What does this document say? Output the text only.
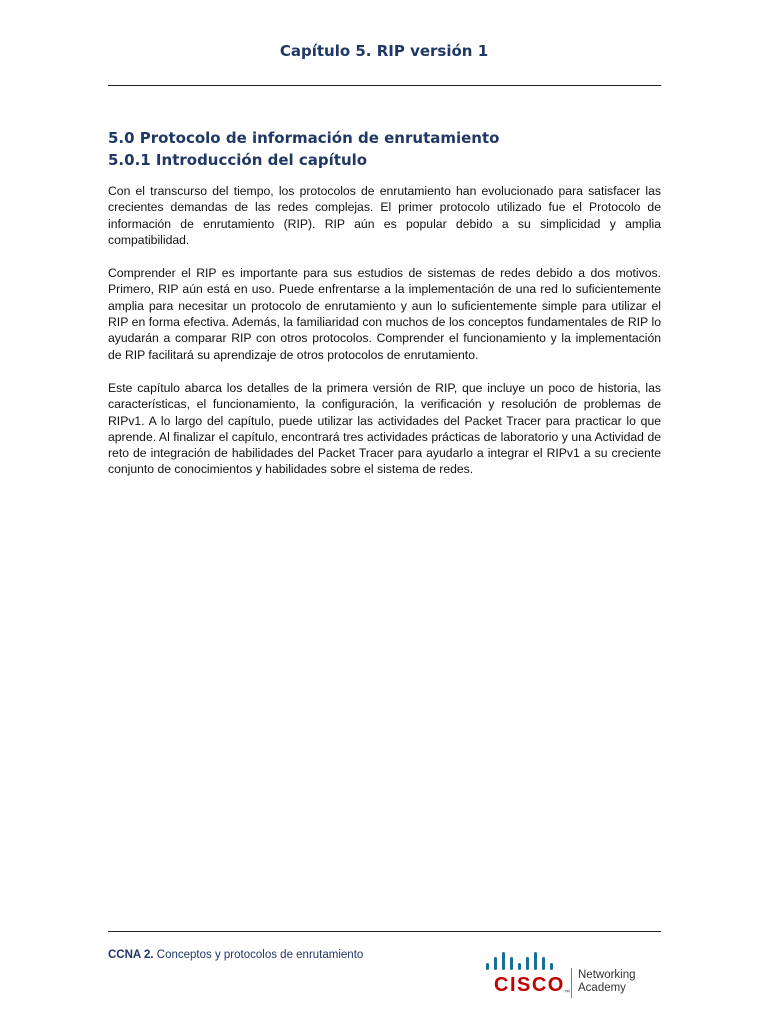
Capítulo 5. RIP versión 1
5.0 Protocolo de información de enrutamiento
5.0.1 Introducción del capítulo

Con el transcurso del tiempo, los protocolos de enrutamiento han evolucionado para satisfacer las crecientes demandas de las redes complejas. El primer protocolo utilizado fue el Protocolo de información de enrutamiento (RIP). RIP aún es popular debido a su simplicidad y amplia compatibilidad.

Comprender el RIP es importante para sus estudios de sistemas de redes debido a dos motivos. Primero, RIP aún está en uso. Puede enfrentarse a la implementación de una red lo suficientemente amplia para necesitar un protocolo de enrutamiento y aun lo suficientemente simple para utilizar el RIP en forma efectiva. Además, la familiaridad con muchos de los conceptos fundamentales de RIP lo ayudarán a comparar RIP con otros protocolos. Comprender el funcionamiento y la implementación de RIP facilitará su aprendizaje de otros protocolos de enrutamiento.

Este capítulo abarca los detalles de la primera versión de RIP, que incluye un poco de historia, las características, el funcionamiento, la configuración, la verificación y resolución de problemas de RIPv1. A lo largo del capítulo, puede utilizar las actividades del Packet Tracer para practicar lo que aprende. Al finalizar el capítulo, encontrará tres actividades prácticas de laboratorio y una Actividad de reto de integración de habilidades del Packet Tracer para ayudarlo a integrar el RIPv1 a su creciente conjunto de conocimientos y habilidades sobre el sistema de redes.

CCNA 2. Conceptos y protocolos de enrutamiento
CISCO ™
Networking
Academy
